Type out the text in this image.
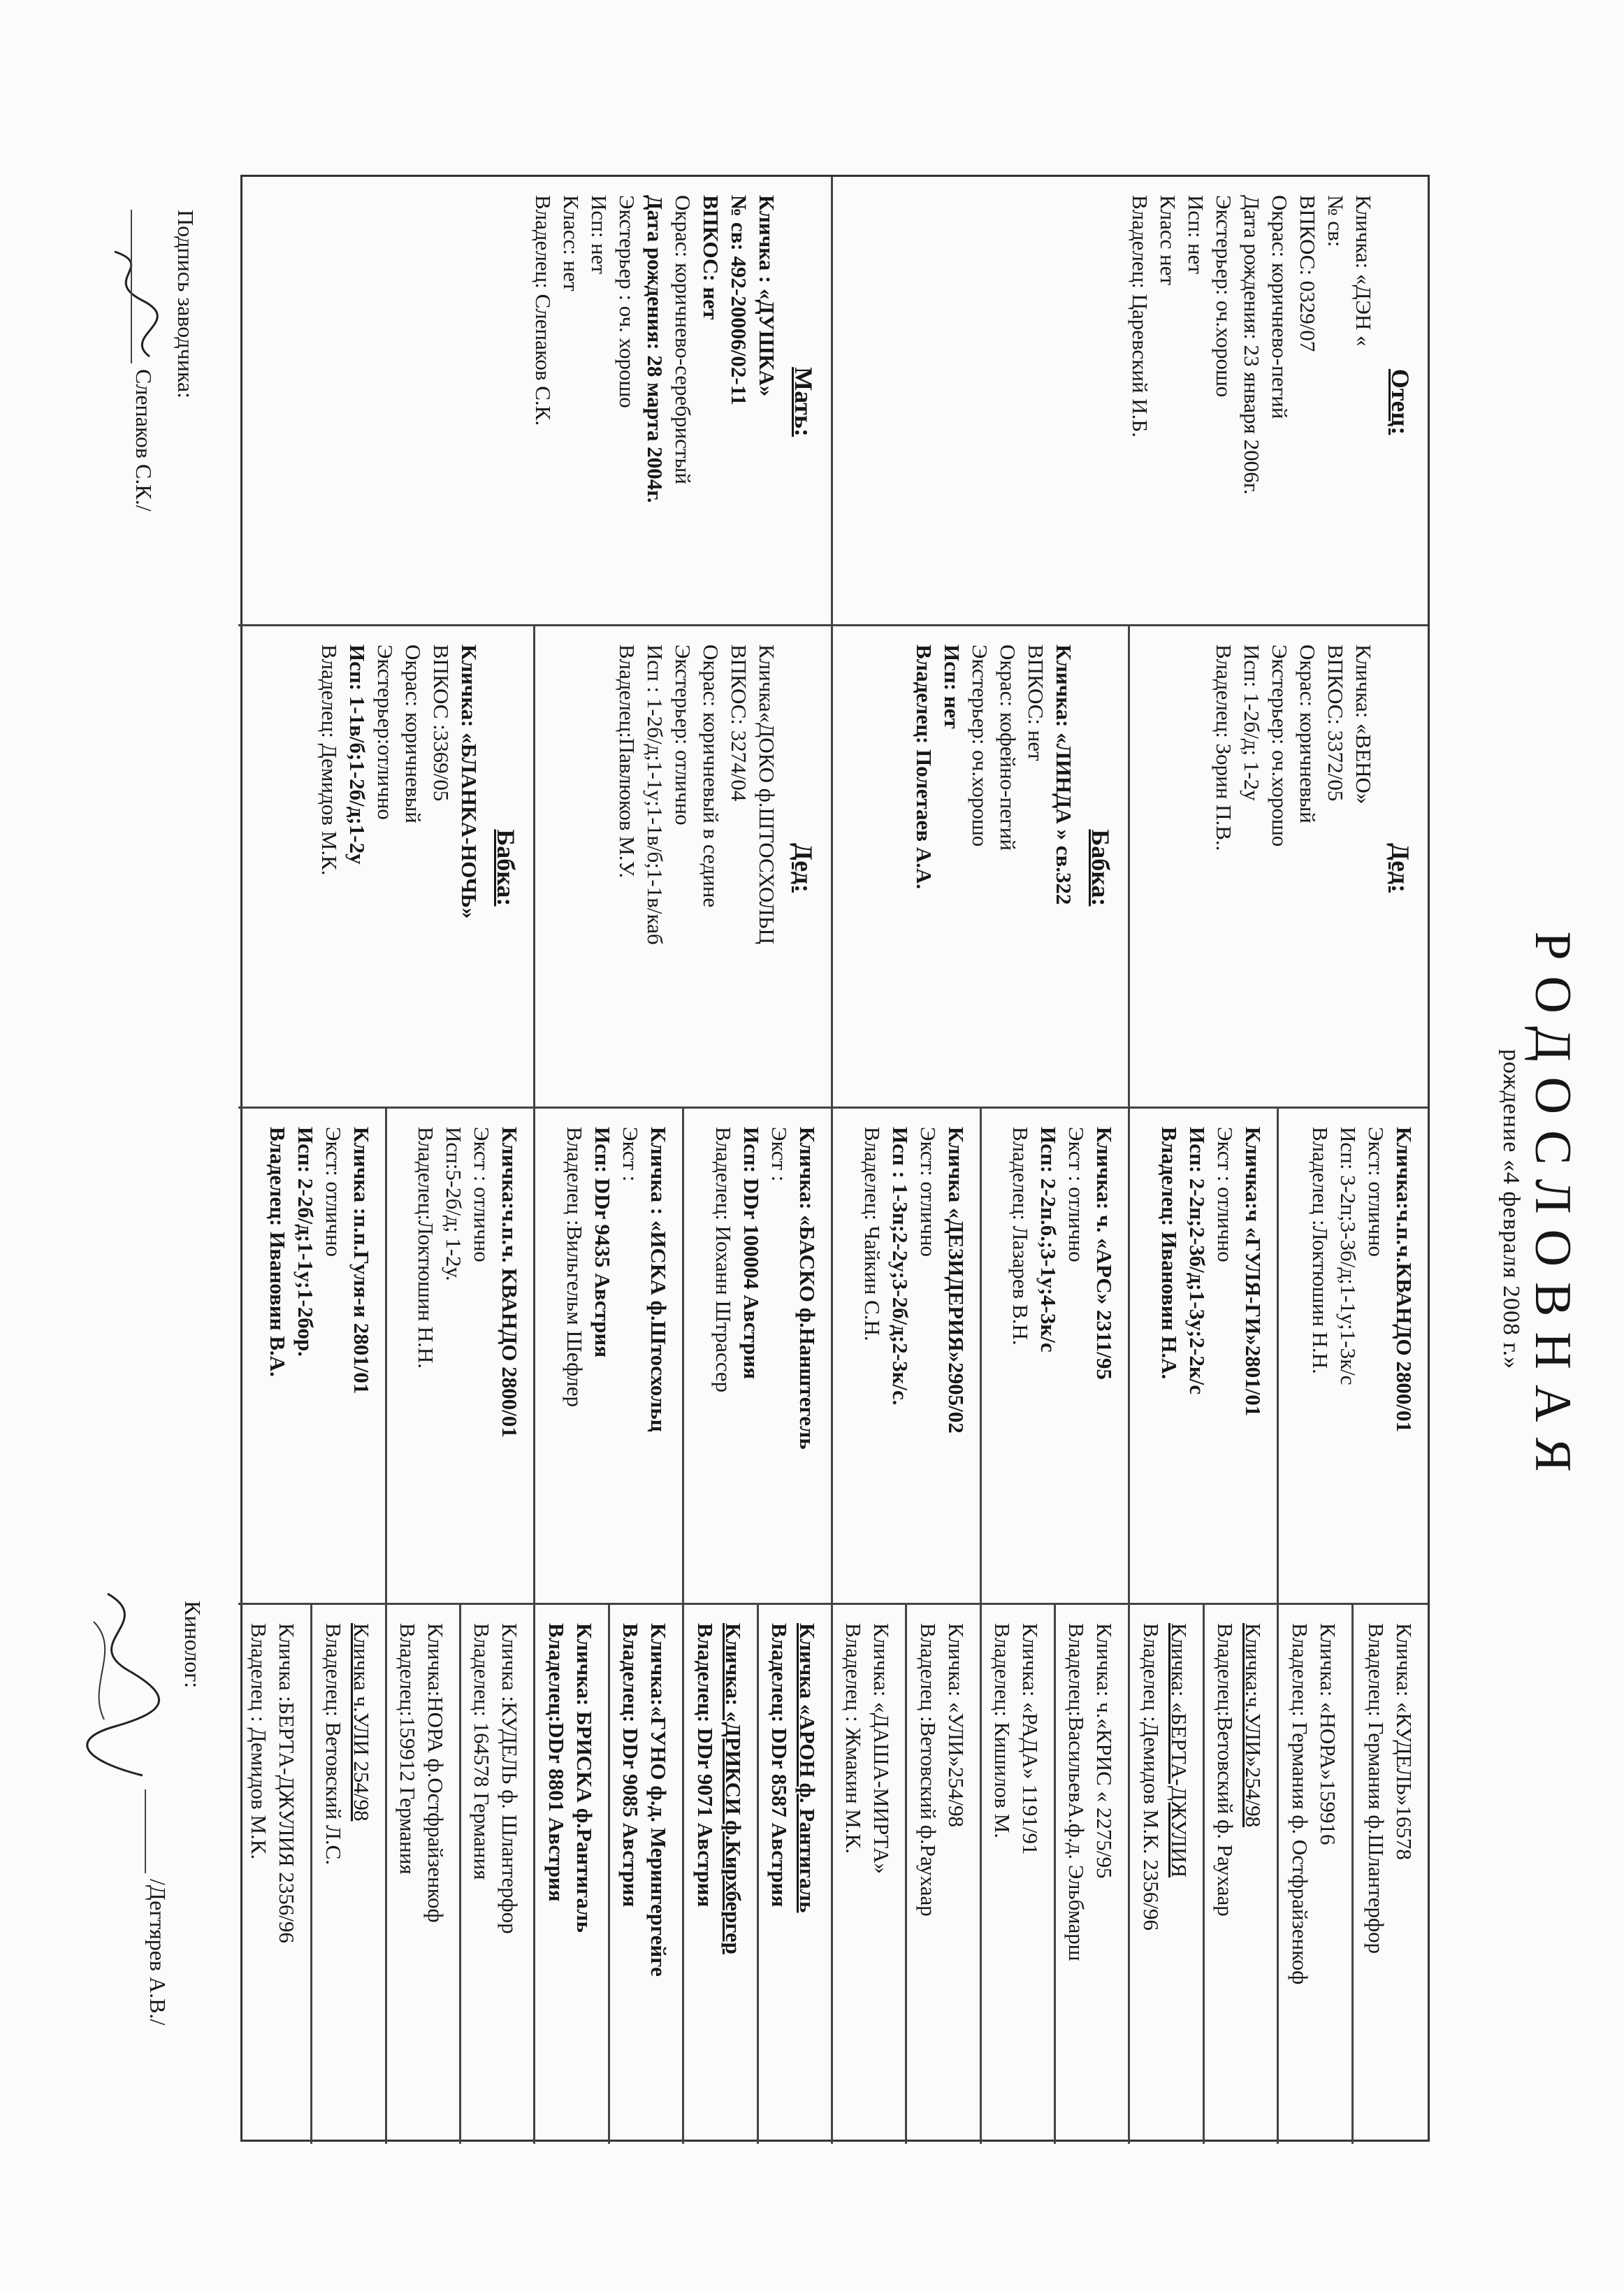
РОДОСЛОВНАЯ
рождение «4 февраля 2008 г.»
Отец:
Кличка: «ДЭН «
№ св:
ВПКОС: 0329/07
Окрас: коричнево-пегий
Дата рождения: 23 января 2006г.
Экстерьер: оч.хорошо
Исп: нет
Класс нет
Владелец: Царевский И.Б.
Мать:
Кличка : «ДУШКА»
№ св: 492-20006/02-11
ВПКОС: нет
Окрас: коричнево-серебристый
Дата рождения: 28 марта 2004г.
Экстерьер : оч. хорошо
Исп: нет
Класс: нет
Владелец: Слепаков С.К.
Дед:
Кличка: «ВЕНО»
ВПКОС: 3372/05
Окрас: коричневый
Экстерьер: оч.хорошо
Исп: 1-2б/д; 1-2у
Владелец: Зорин П.В..
Бабка:
Кличка: «ЛИНДА » св.322
ВПКОС: нет
Окрас: кофейно-пегий
Экстерьер: оч.хорошо
Исп: нет
Владелец: Полетаев А.А.
Дед:
Кличка«ДОКО ф.ШТОСХОЛЬЦ
ВПКОС: 3274/04
Окрас: коричневый в седине
Экстерьер: отлично
Исп : 1-2б/д;1-1у;1-1в/б;1-1в/каб
Владелец:Павлюков М.У.
Бабка:
Кличка: «БЛАНКА-НОЧЬ»
ВПКОС :3369/05
Окрас: коричневый
Экстерьер:отлично
Исп: 1-1в/б;1-2б/д;1-2у
Владелец: Демидов М.К.
Кличка:ч.п.ч.КВАНДО 2800/01
Экст: отлично
Исп: 3-2п;3-3б/д;1-1у;1-3к/с
Владелец :Локтюшин Н.Н.
Кличка:ч «ГУЛЯ-ГИ»2801/01
Экст : отлично
Исп: 2-2п;2-3б/д;1-3у;2-2к/с
Владелец: Ивановин Н.А.
Кличка: ч. «АРС» 2311/95
Экст : отлично
Исп: 2-2п.б.;3-1у;4-3к/с
Владелец: Лазарев В.Н.
Кличка «ДЕЗИДЕРИЯ»2905/02
Экст: отлично
Исп : 1-3п;2-2у;3-2б/д;2-3к/с.
Владелец: Чайкин С.Н.
Кличка: «БАСКО ф.Нанштегель
Экст :
Исп: DDr 100004 Австрия
Владелец: Иоханн Штрассер
Кличка : «ИСКА ф.Штосхольц
Экст :
Исп: DDr 9435 Австрия
Владелец :Вильгельм Шефлер
Кличка:ч.п.ч. КВАНДО 2800/01
Экст : отлично
Исп:5-2б/д; 1-2у.
Владелец:Локтюшин Н.Н.
Кличка :п.п.Гуля-и 2801/01
Экст: отлично
Исп: 2-2б/д;1-1у;1-2бор.
Владелец: Ивановин В.А.
Кличка: «КУДЕЛЬ»16578
Владелец: Германия ф.Шлантерфор
Кличка: «НОРА»159916
Владелец: Германия ф. Остфрайзенкоф
Кличка:ч.УЛИ»254/98
Владелец:Ветовский ф. Раухаар
Кличка: «БЕРТА-ДЖУЛИЯ
Владелец :Демидов М.К. 2356/96
Кличка: ч.«КРИС « 2275/95
Владелец:ВасильевА.ф.д. Эльбмарш
Кличка: «РАДА» 1191/91
Владелец: Кишилов М.
Кличка: «УЛИ»254/98
Владелец :Ветовский ф.Раухаар
Кличка: «ДАША-МИРТА»
Владелец : Жмакин М.К.
Кличка «АРОН ф. Рантигаль
Владелец: DDr 8587 Австрия
Кличка: «ДРИКСИ ф.Кирхбергер
Владелец: DDr 9071 Австрия
Кличка:«ГУНО ф.д. Мерингергейге
Владелец: DDr 9085 Австрия
Кличка: БРИСКА ф.Рантигаль
Владелец:DDr 8801 Австрия
Кличка :КУДЕЛЬ ф. Шлантерфор
Владелец: 164578 Германия
Кличка:НОРА ф.Остфрайзенкоф
Владелец:159912 Германия
Кличка ч.УЛИ 254/98
Владелец: Ветовский Л.С.
Кличка :БЕРТА-ДЖУЛИЯ 2356/96
Владелец : Демидов М.К.
Кинолог:
/Дегтярев А.В./
Подпись заводчика:
Слепаков С.К./
